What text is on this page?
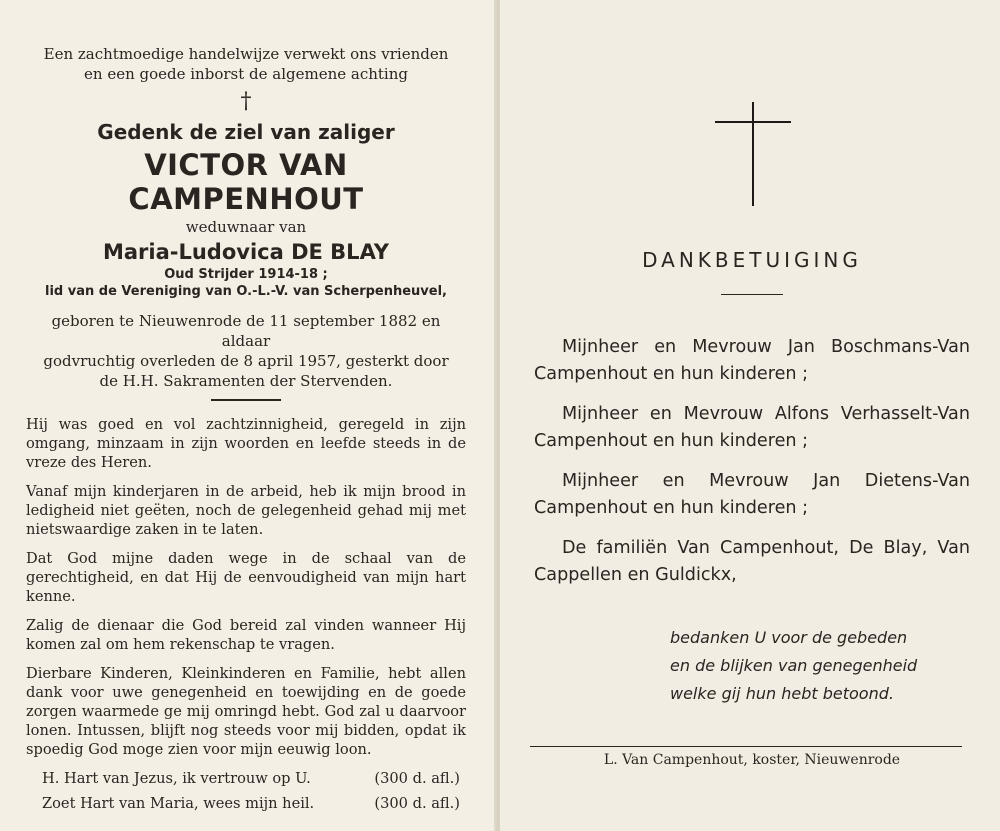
Een zachtmoedige handelwijze verwekt ons vrienden

en een goede inborst de algemene achting

†
Gedenk de ziel van zaliger
VICTOR VAN CAMPENHOUT
weduwnaar van
Maria-Ludovica DE BLAY
Oud Strijder 1914-18 ;
lid van de Vereniging van O.-L.-V. van Scherpenheuvel,
geboren te Nieuwenrode de 11 september 1882 en aldaar
godvruchtig overleden de 8 april 1957, gesterkt door
de H.H. Sakramenten der Stervenden.

Hij was goed en vol zachtzinnigheid, geregeld in zijn omgang, minzaam in zijn woorden en leefde steeds in de vreze des Heren.

Vanaf mijn kinderjaren in de arbeid, heb ik mijn brood in ledigheid niet geëten, noch de gelegenheid gehad mij met nietswaardige zaken in te laten.

Dat God mijne daden wege in de schaal van de gerechtigheid, en dat Hij de eenvoudigheid van mijn hart kenne.

Zalig de dienaar die God bereid zal vinden wanneer Hij komen zal om hem rekenschap te vragen.

Dierbare Kinderen, Kleinkinderen en Familie, hebt allen dank voor uwe genegenheid en toewijding en de goede zorgen waarmede ge mij omringd hebt. God zal u daarvoor lonen. Intussen, blijft nog steeds voor mij bidden, opdat ik spoedig God moge zien voor mijn eeuwig loon.

H. Hart van Jezus, ik vertrouw op U.	(300 d. afl.)
Zoet Hart van Maria, wees mijn heil.	(300 d. afl.)
DANKBETUIGING

Mijnheer en Mevrouw Jan Boschmans-Van Campenhout en hun kinderen ;

Mijnheer en Mevrouw Alfons Verhasselt-Van Campenhout en hun kinderen ;

Mijnheer en Mevrouw Jan Dietens-Van Campenhout en hun kinderen ;

De familiën Van Campenhout, De Blay, Van Cappellen en Guldickx,

bedanken U voor de gebeden

en de blijken van genegenheid

welke gij hun hebt betoond.

L. Van Campenhout, koster, Nieuwenrode
